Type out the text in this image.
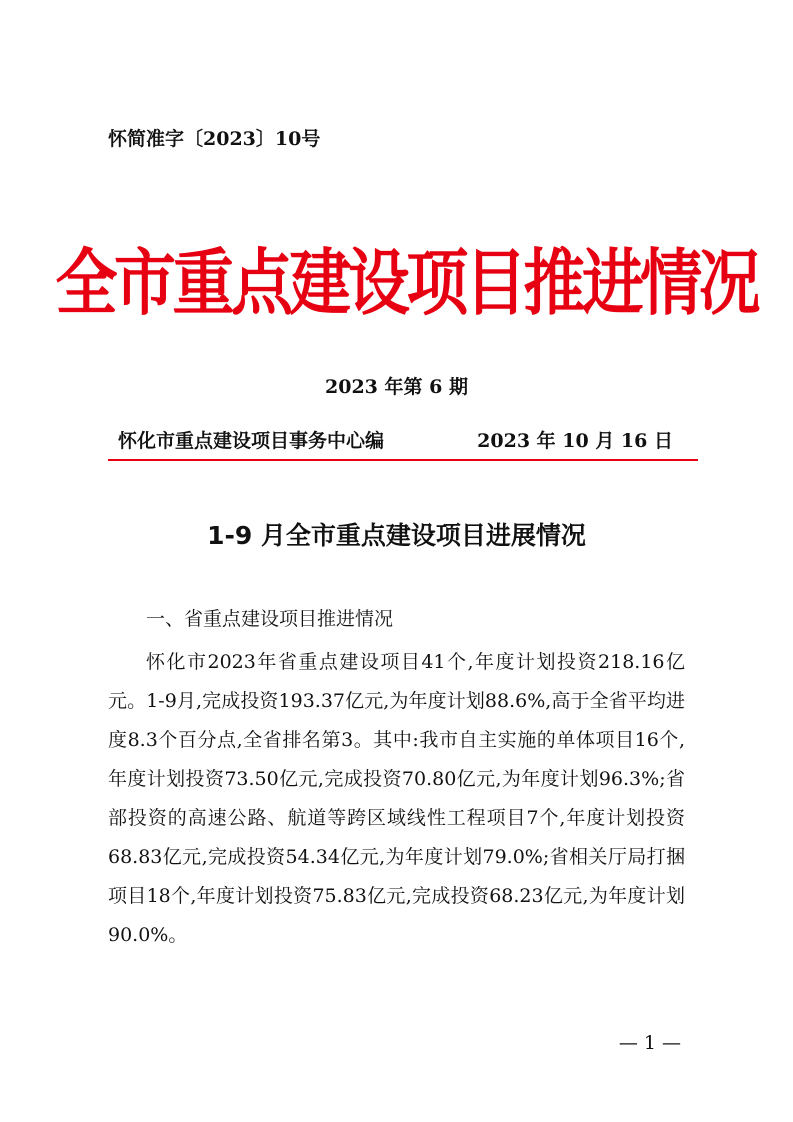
怀简准字〔2023〕10号
全市重点建设项目推进情况
2023 年第 6 期
怀化市重点建设项目事务中心编	2023 年 10 月 16 日
1-9 月全市重点建设项目进展情况
一、省重点建设项目推进情况
怀化市2023年省重点建设项目41个,年度计划投资218.16亿元。1-9月,完成投资193.37亿元,为年度计划88.6%,高于全省平均进度8.3个百分点,全省排名第3。其中:我市自主实施的单体项目16个,年度计划投资73.50亿元,完成投资70.80亿元,为年度计划96.3%;省部投资的高速公路、航道等跨区域线性工程项目7个,年度计划投资68.83亿元,完成投资54.34亿元,为年度计划79.0%;省相关厅局打捆项目18个,年度计划投资75.83亿元,完成投资68.23亿元,为年度计划90.0%。
— 1 —
